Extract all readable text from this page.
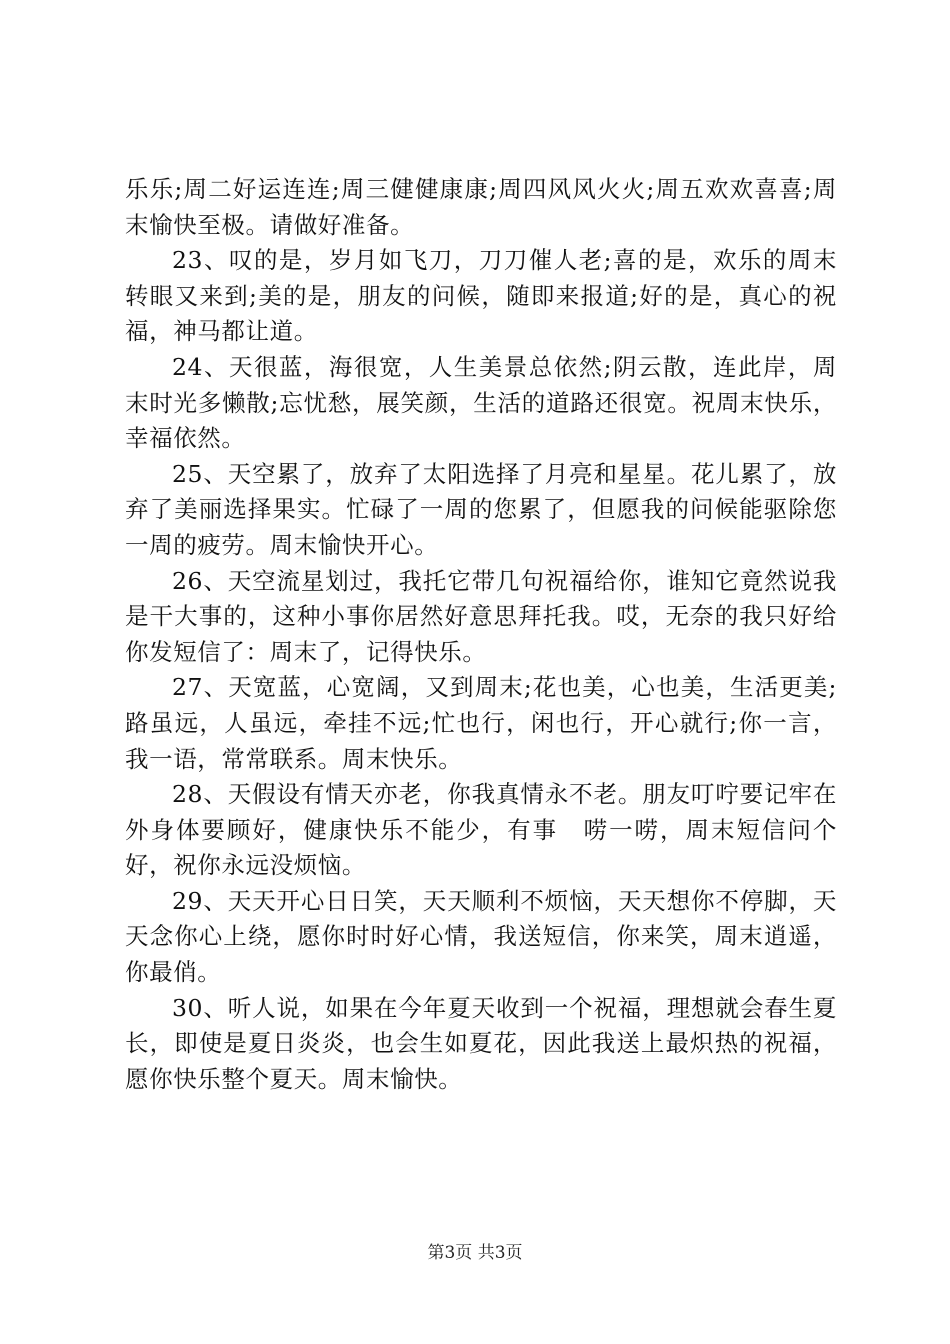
乐乐;周二好运连连;周三健健康康;周四风风火火;周五欢欢喜喜;周末愉快至极。请做好准备。

23、叹的是，岁月如飞刀，刀刀催人老;喜的是，欢乐的周末转眼又来到;美的是，朋友的问候，随即来报道;好的是，真心的祝福，神马都让道。

24、天很蓝，海很宽，人生美景总依然;阴云散，连此岸，周末时光多懒散;忘忧愁，展笑颜，生活的道路还很宽。祝周末快乐，幸福依然。

25、天空累了，放弃了太阳选择了月亮和星星。花儿累了，放弃了美丽选择果实。忙碌了一周的您累了，但愿我的问候能驱除您一周的疲劳。周末愉快开心。

26、天空流星划过，我托它带几句祝福给你，谁知它竟然说我是干大事的，这种小事你居然好意思拜托我。哎，无奈的我只好给你发短信了：周末了，记得快乐。

27、天宽蓝，心宽阔，又到周末;花也美，心也美，生活更美;路虽远，人虽远，牵挂不远;忙也行，闲也行，开心就行;你一言，我一语，常常联系。周末快乐。

28、天假设有情天亦老，你我真情永不老。朋友叮咛要记牢在外身体要顾好，健康快乐不能少，有事　唠一唠，周末短信问个好，祝你永远没烦恼。

29、天天开心日日笑，天天顺利不烦恼，天天想你不停脚，天天念你心上绕，愿你时时好心情，我送短信，你来笑，周末逍遥，你最俏。

30、听人说，如果在今年夏天收到一个祝福，理想就会春生夏长，即使是夏日炎炎，也会生如夏花，因此我送上最炽热的祝福，愿你快乐整个夏天。周末愉快。

第3页 共3页
